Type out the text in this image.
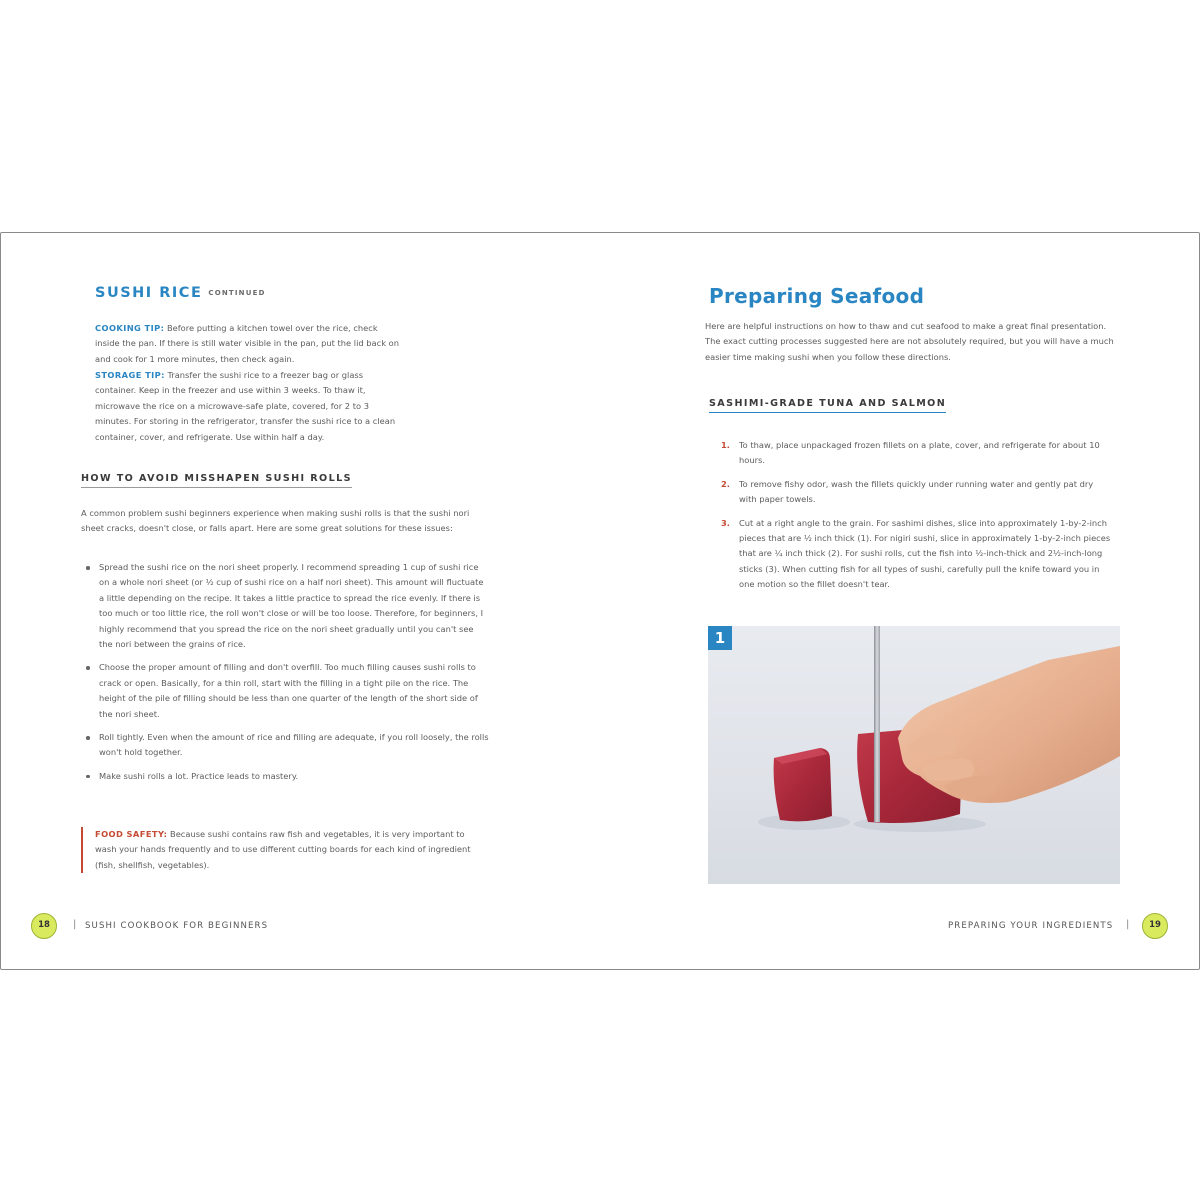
SUSHI RICE CONTINUED
COOKING TIP: Before putting a kitchen towel over the rice, check inside the pan. If there is still water visible in the pan, put the lid back on and cook for 1 more minutes, then check again.
STORAGE TIP: Transfer the sushi rice to a freezer bag or glass container. Keep in the freezer and use within 3 weeks. To thaw it, microwave the rice on a microwave-safe plate, covered, for 2 to 3 minutes. For storing in the refrigerator, transfer the sushi rice to a clean container, cover, and refrigerate. Use within half a day.
HOW TO AVOID MISSHAPEN SUSHI ROLLS
A common problem sushi beginners experience when making sushi rolls is that the sushi nori sheet cracks, doesn't close, or falls apart. Here are some great solutions for these issues:
Spread the sushi rice on the nori sheet properly. I recommend spreading 1 cup of sushi rice on a whole nori sheet (or ½ cup of sushi rice on a half nori sheet). This amount will fluctuate a little depending on the recipe. It takes a little practice to spread the rice evenly. If there is too much or too little rice, the roll won't close or will be too loose. Therefore, for beginners, I highly recommend that you spread the rice on the nori sheet gradually until you can't see the nori between the grains of rice.
Choose the proper amount of filling and don't overfill. Too much filling causes sushi rolls to crack or open. Basically, for a thin roll, start with the filling in a tight pile on the rice. The height of the pile of filling should be less than one quarter of the length of the short side of the nori sheet.
Roll tightly. Even when the amount of rice and filling are adequate, if you roll loosely, the rolls won't hold together.
Make sushi rolls a lot. Practice leads to mastery.
FOOD SAFETY: Because sushi contains raw fish and vegetables, it is very important to wash your hands frequently and to use different cutting boards for each kind of ingredient (fish, shellfish, vegetables).
18	| SUSHI COOKBOOK FOR BEGINNERS
Preparing Seafood
Here are helpful instructions on how to thaw and cut seafood to make a great final presentation. The exact cutting processes suggested here are not absolutely required, but you will have a much easier time making sushi when you follow these directions.
SASHIMI-GRADE TUNA AND SALMON
1. To thaw, place unpackaged frozen fillets on a plate, cover, and refrigerate for about 10 hours.
2. To remove fishy odor, wash the fillets quickly under running water and gently pat dry with paper towels.
3. Cut at a right angle to the grain. For sashimi dishes, slice into approximately 1-by-2-inch pieces that are ½ inch thick (1). For nigiri sushi, slice in approximately 1-by-2-inch pieces that are ¼ inch thick (2). For sushi rolls, cut the fish into ½-inch-thick and 2½-inch-long sticks (3). When cutting fish for all types of sushi, carefully pull the knife toward you in one motion so the fillet doesn't tear.
PREPARING YOUR INGREDIENTS |	19
1
